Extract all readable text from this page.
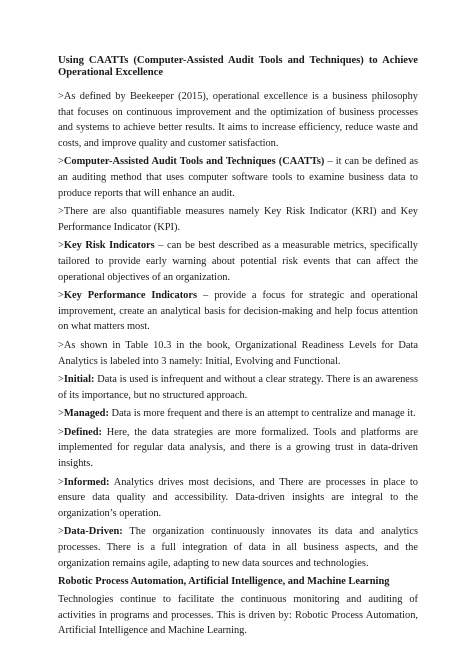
Using CAATTs (Computer-Assisted Audit Tools and Techniques) to Achieve Operational Excellence

>As defined by Beekeeper (2015), operational excellence is a business philosophy that focuses on continuous improvement and the optimization of business processes and systems to achieve better results. It aims to increase efficiency, reduce waste and costs, and improve quality and customer satisfaction.

>Computer-Assisted Audit Tools and Techniques (CAATTs) – it can be defined as an auditing method that uses computer software tools to examine business data to produce reports that will enhance an audit.

>There are also quantifiable measures namely Key Risk Indicator (KRI) and Key Performance Indicator (KPI).

>Key Risk Indicators – can be best described as a measurable metrics, specifically tailored to provide early warning about potential risk events that can affect the operational objectives of an organization.

>Key Performance Indicators – provide a focus for strategic and operational improvement, create an analytical basis for decision-making and help focus attention on what matters most.

>As shown in Table 10.3 in the book, Organizational Readiness Levels for Data Analytics is labeled into 3 namely: Initial, Evolving and Functional.

>Initial: Data is used is infrequent and without a clear strategy. There is an awareness of its importance, but no structured approach.

>Managed: Data is more frequent and there is an attempt to centralize and manage it.

>Defined: Here, the data strategies are more formalized. Tools and platforms are implemented for regular data analysis, and there is a growing trust in data-driven insights.

>Informed: Analytics drives most decisions, and There are processes in place to ensure data quality and accessibility. Data-driven insights are integral to the organization’s operation.

>Data-Driven: The organization continuously innovates its data and analytics processes. There is a full integration of data in all business aspects, and the organization remains agile, adapting to new data sources and technologies.

Robotic Process Automation, Artificial Intelligence, and Machine Learning

Technologies continue to facilitate the continuous monitoring and auditing of activities in programs and processes. This is driven by: Robotic Process Automation, Artificial Intelligence and Machine Learning.
